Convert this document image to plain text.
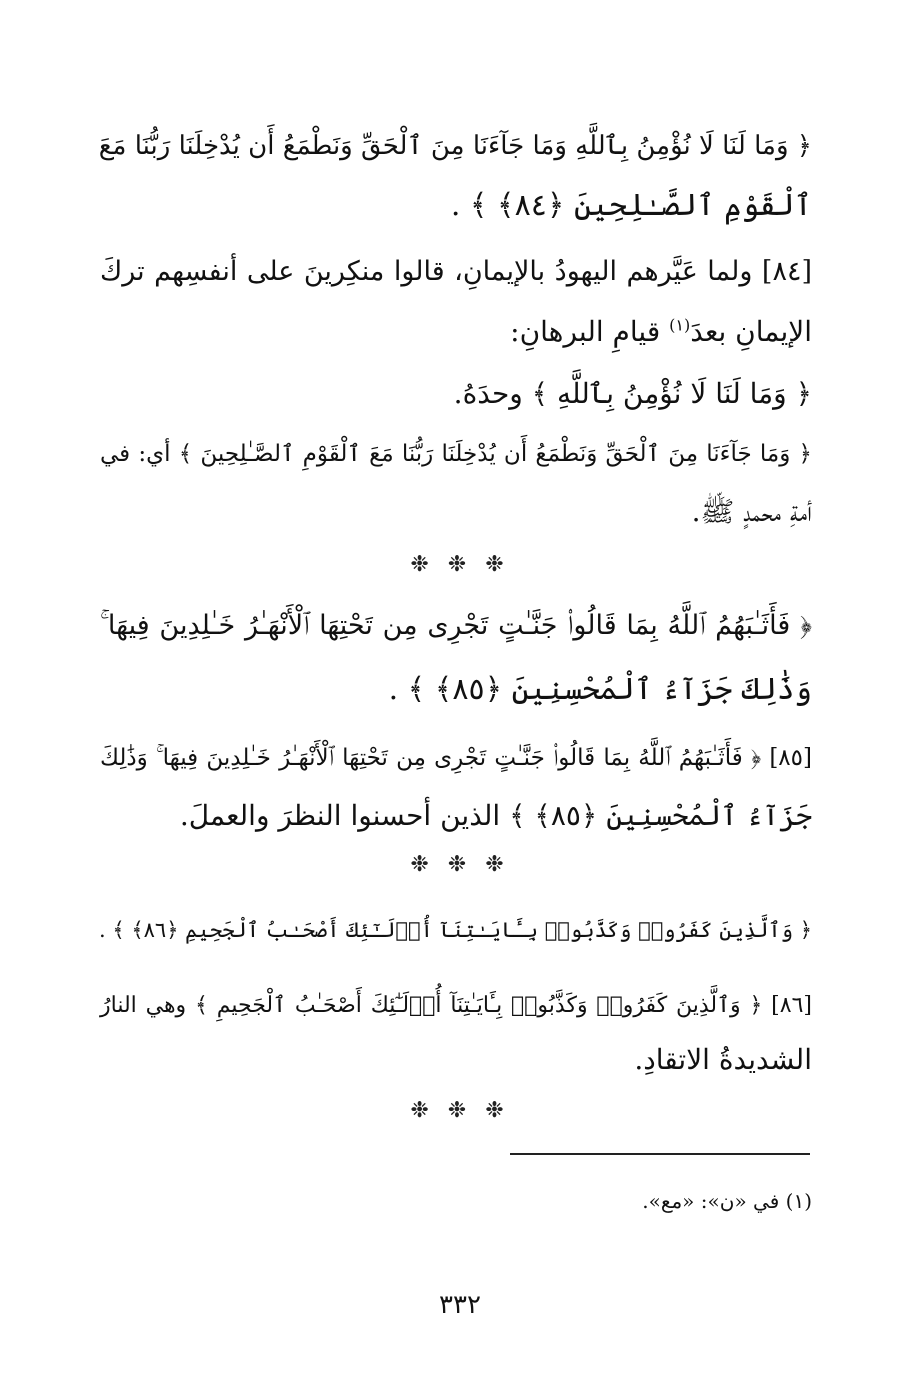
﴿ وَمَا لَنَا لَا نُؤْمِنُ بِٱللَّهِ وَمَا جَآءَنَا مِنَ ٱلْحَقِّ وَنَطْمَعُ أَن يُدْخِلَنَا رَبُّنَا مَعَ
ٱلْقَوْمِ ٱلصَّـٰلِحِينَ ﴿٨٤﴾ ﴾ .
[٨٤] ولما عَيَّرهم اليهودُ بالإيمانِ، قالوا منكِرينَ على أنفسِهم تركَ
الإيمانِ بعدَ$^{(١)}$ قيامِ البرهانِ:
﴿ وَمَا لَنَا لَا نُؤْمِنُ بِٱللَّهِ ﴾ وحدَهُ.
﴿ وَمَا جَآءَنَا مِنَ ٱلْحَقِّ وَنَطْمَعُ أَن يُدْخِلَنَا رَبُّنَا مَعَ ٱلْقَوْمِ ٱلصَّـٰلِحِينَ ﴾ أي: في
أمةِ محمدٍ ﷺ.
❉ ❉ ❉
﴿ فَأَثَـٰبَهُمُ ٱللَّهُ بِمَا قَالُوا۟ جَنَّـٰتٍ تَجْرِى مِن تَحْتِهَا ٱلْأَنْهَـٰرُ خَـٰلِدِينَ فِيهَا ۚ
وَذَٰلِكَ جَزَآءُ ٱلْمُحْسِنِينَ ﴿٨٥﴾ ﴾ .
[٨٥] ﴿ فَأَثَـٰبَهُمُ ٱللَّهُ بِمَا قَالُوا۟ جَنَّـٰتٍ تَجْرِى مِن تَحْتِهَا ٱلْأَنْهَـٰرُ خَـٰلِدِينَ فِيهَا ۚ وَذَٰلِكَ
جَزَآءُ ٱلْمُحْسِنِينَ ﴿٨٥﴾ ﴾ الذين أحسنوا النظرَ والعملَ.
❉ ❉ ❉
﴿ وَٱلَّذِينَ كَفَرُوا۟ وَكَذَّبُوا۟ بِـَٔايَـٰتِنَآ أُو۟لَـٰٓئِكَ أَصْحَـٰبُ ٱلْجَحِيمِ ﴿٨٦﴾ ﴾ .
[٨٦] ﴿ وَٱلَّذِينَ كَفَرُوا۟ وَكَذَّبُوا۟ بِـَٔايَـٰتِنَآ أُو۟لَـٰٓئِكَ أَصْحَـٰبُ ٱلْجَحِيمِ ﴾ وهي النارُ
الشديدةُ الاتقادِ.
❉ ❉ ❉
(١) في «ن»: «مع».
٣٣٢
